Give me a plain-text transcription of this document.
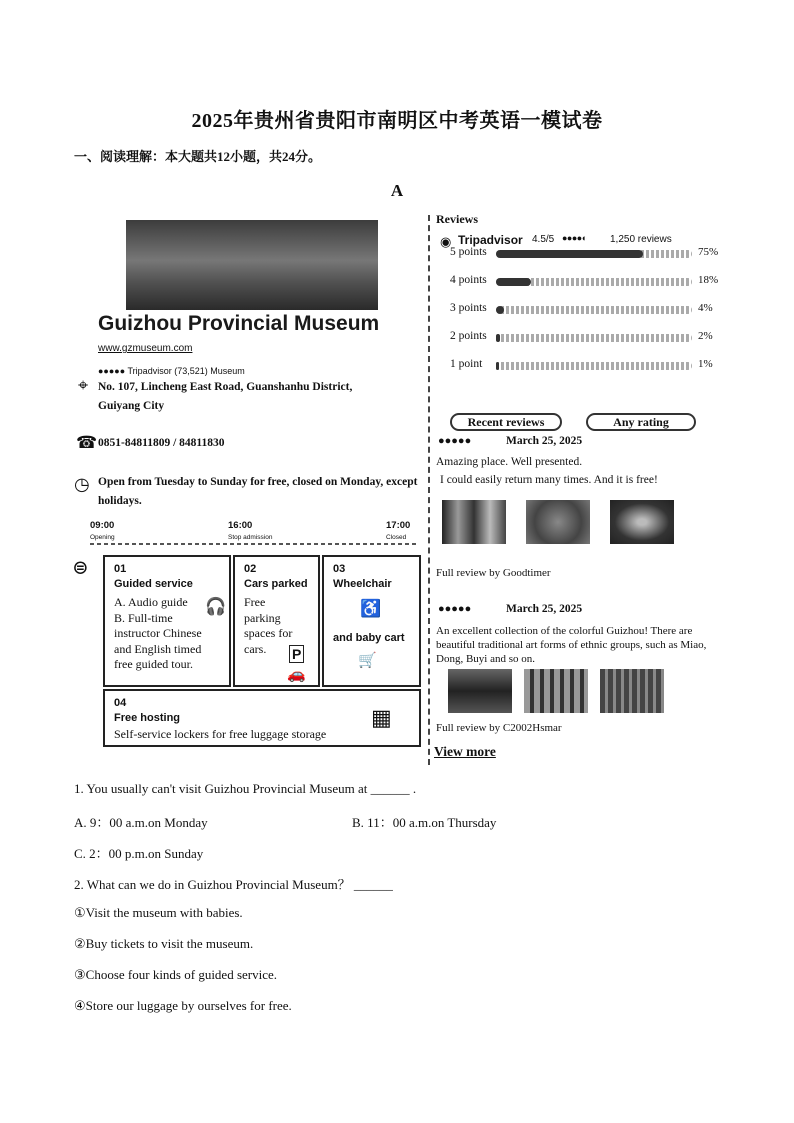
2025年贵州省贵阳市南明区中考英语一模试卷
一、阅读理解：本大题共12小题，共24分。
A
Guizhou Provincial Museum
www.gzmuseum.com
●●●●● Tripadvisor (73,521) Museum
⌖ No. 107, Lincheng East Road, Guanshanhu District, Guiyang City
☎ 0851-84811809 / 84811830
◷ Open from Tuesday to Sunday for free, closed on Monday, except holidays.
09:00
Opening
16:00
Stop admission
17:00
Closed
⊜ 01
Guided service
A. Audio guide
B. Full-time
instructor Chinese
and English timed
free guided tour.
🎧
02
Cars parked
Free
parking
spaces for
cars. P
🚗
03
Wheelchair
♿
and baby cart
🛒
04
Free hosting
Self-service lockers for free luggage storage
▦
Reviews
◉ Tripadvisor 4.5/5 ●●●●◐ 1,250 reviews
5 points	75%
4 points	18%
3 points	4%
2 points	2%
1 point	1%
Recent reviews	Any rating
●●●●●	March 25, 2025
Amazing place. Well presented.
I could easily return many times. And it is free!
Full review by Goodtimer
●●●●●	March 25, 2025
An excellent collection of the colorful Guizhou! There are beautiful traditional art forms of ethnic groups, such as Miao, Dong, Buyi and so on.
Full review by C2002Hsmar
View more
1. You usually can't visit Guizhou Provincial Museum at ______ .
A. 9：00 a.m.on Monday	B. 11：00 a.m.on Thursday
C. 2：00 p.m.on Sunday
2. What can we do in Guizhou Provincial Museum？ ______
①Visit the museum with babies.
②Buy tickets to visit the museum.
③Choose four kinds of guided service.
④Store our luggage by ourselves for free.
